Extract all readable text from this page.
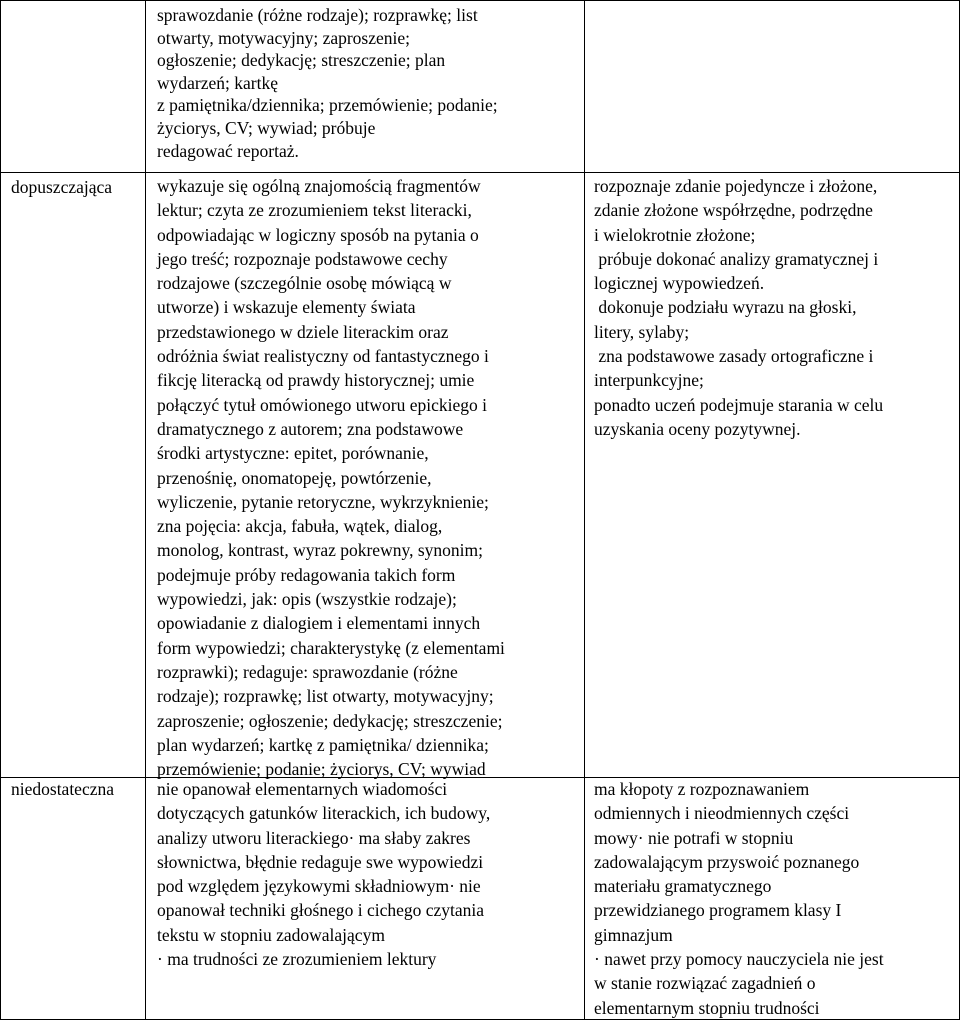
sprawozdanie (różne rodzaje); rozprawkę; list
otwarty, motywacyjny; zaproszenie;
ogłoszenie; dedykację; streszczenie; plan
wydarzeń; kartkę
z pamiętnika/dziennika; przemówienie; podanie;
życiorys, CV; wywiad; próbuje
redagować reportaż.
dopuszczająca	wykazuje się ogólną znajomością fragmentów
lektur; czyta ze zrozumieniem tekst literacki,
odpowiadając w logiczny sposób na pytania o
jego treść; rozpoznaje podstawowe cechy
rodzajowe (szczególnie osobę mówiącą w
utworze) i wskazuje elementy świata
przedstawionego w dziele literackim oraz
odróżnia świat realistyczny od fantastycznego i
fikcję literacką od prawdy historycznej; umie
połączyć tytuł omówionego utworu epickiego i
dramatycznego z autorem; zna podstawowe
środki artystyczne: epitet, porównanie,
przenośnię, onomatopeję, powtórzenie,
wyliczenie, pytanie retoryczne, wykrzyknienie;
zna pojęcia: akcja, fabuła, wątek, dialog,
monolog, kontrast, wyraz pokrewny, synonim;
podejmuje próby redagowania takich form
wypowiedzi, jak: opis (wszystkie rodzaje);
opowiadanie z dialogiem i elementami innych
form wypowiedzi; charakterystykę (z elementami
rozprawki); redaguje: sprawozdanie (różne
rodzaje); rozprawkę; list otwarty, motywacyjny;
zaproszenie; ogłoszenie; dedykację; streszczenie;
plan wydarzeń; kartkę z pamiętnika/ dziennika;
przemówienie; podanie; życiorys, CV; wywiad
rozpoznaje zdanie pojedyncze i złożone,
zdanie złożone współrzędne, podrzędne
i wielokrotnie złożone;
próbuje dokonać analizy gramatycznej i
logicznej wypowiedzeń.
dokonuje podziału wyrazu na głoski,
litery, sylaby;
zna podstawowe zasady ortograficzne i
interpunkcyjne;
ponadto uczeń podejmuje starania w celu
uzyskania oceny pozytywnej.
niedostateczna nie opanował elementarnych wiadomości
dotyczących gatunków literackich, ich budowy,
analizy utworu literackiego· ma słaby zakres
słownictwa, błędnie redaguje swe wypowiedzi
pod względem językowymi składniowym· nie
opanował techniki głośnego i cichego czytania
tekstu w stopniu zadowalającym
· ma trudności ze zrozumieniem lektury
ma kłopoty z rozpoznawaniem
odmiennych i nieodmiennych części
mowy· nie potrafi w stopniu
zadowalającym przyswoić poznanego
materiału gramatycznego
przewidzianego programem klasy I
gimnazjum
· nawet przy pomocy nauczyciela nie jest
w stanie rozwiązać zagadnień o
elementarnym stopniu trudności
